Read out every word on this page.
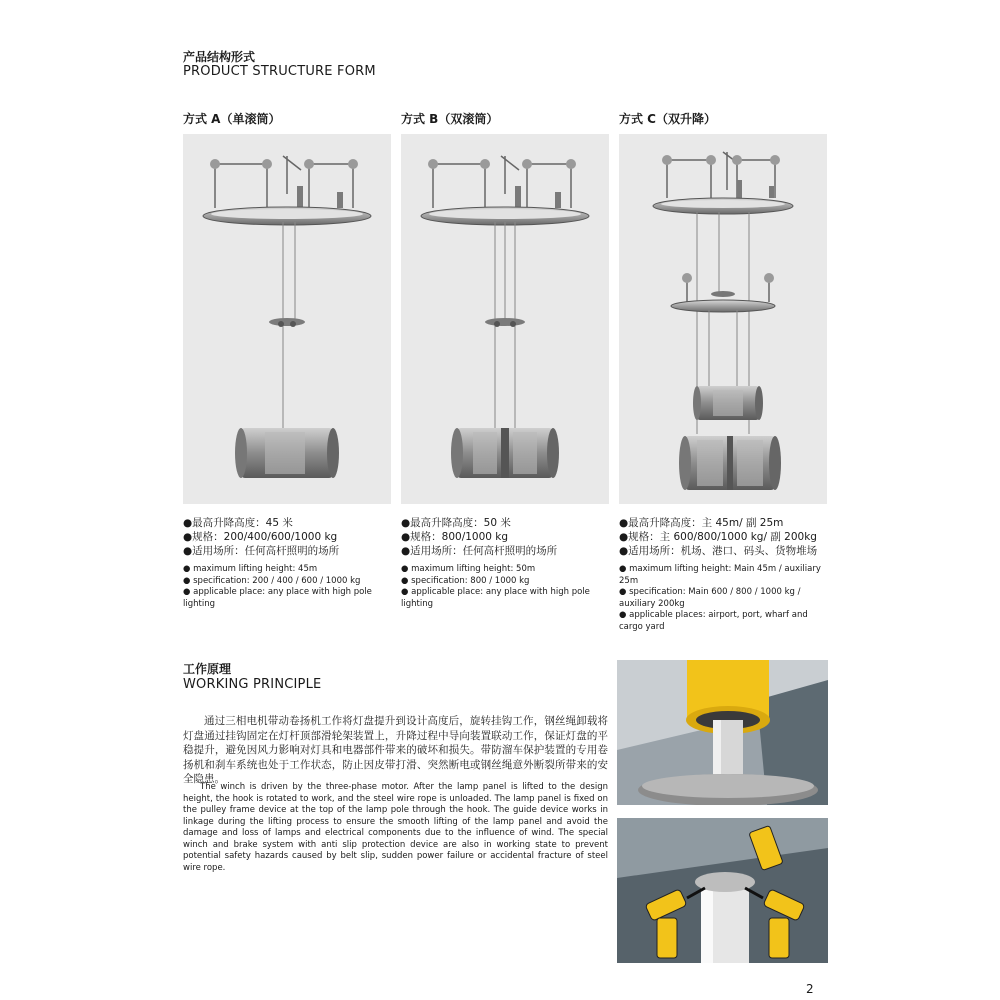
产品结构形式
PRODUCT STRUCTURE FORM
方式 A（单滚筒）	方式 B（双滚筒）	方式 C（双升降）
●最高升降高度：45 米
●规格：200/400/600/1000 kg
●适用场所：任何高杆照明的场所
● maximum lifting height: 45m
● specification: 200 / 400 / 600 / 1000 kg
● applicable place: any place with high pole lighting
●最高升降高度：50 米
●规格：800/1000 kg
●适用场所：任何高杆照明的场所
● maximum lifting height: 50m
● specification: 800 / 1000 kg
● applicable place: any place with high pole lighting
●最高升降高度：主 45m/ 副 25m
●规格：主 600/800/1000 kg/ 副 200kg
●适用场所：机场、港口、码头、货物堆场
● maximum lifting height: Main 45m / auxiliary 25m
● specification: Main 600 / 800 / 1000 kg / auxiliary 200kg
● applicable places: airport, port, wharf and cargo yard
工作原理
WORKING PRINCIPLE
通过三相电机带动卷扬机工作将灯盘提升到设计高度后，旋转挂钩工作，钢丝绳卸载将灯盘通过挂钩固定在灯杆顶部滑轮架装置上，升降过程中导向装置联动工作，保证灯盘的平稳提升，避免因风力影响对灯具和电器部件带来的破坏和损失。带防溜车保护装置的专用卷扬机和刹车系统也处于工作状态，防止因皮带打滑、突然断电或钢丝绳意外断裂所带来的安全隐患。
The winch is driven by the three-phase motor. After the lamp panel is lifted to the design height, the hook is rotated to work, and the steel wire rope is unloaded. The lamp panel is fixed on the pulley frame device at the top of the lamp pole through the hook. The guide device works in linkage during the lifting process to ensure the smooth lifting of the lamp panel and avoid the damage and loss of lamps and electrical components due to the influence of wind. The special winch and brake system with anti slip protection device are also in working state to prevent potential safety hazards caused by belt slip, sudden power failure or accidental fracture of steel wire rope.
2
